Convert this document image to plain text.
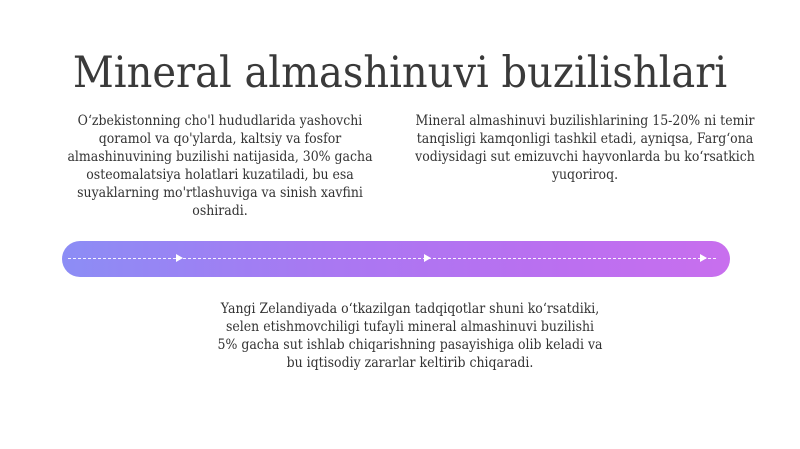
Mineral almashinuvi buzilishlari
O‘zbekistonning cho'l hududlarida yashovchi qoramol va qo'ylarda, kaltsiy va fosfor almashinuvining buzilishi natijasida, 30% gacha osteomalatsiya holatlari kuzatiladi, bu esa suyaklarning mo'rtlashuviga va sinish xavfini oshiradi.
Mineral almashinuvi buzilishlarining 15-20% ni temir tanqisligi kamqonligi tashkil etadi, ayniqsa, Farg‘ona vodiysidagi sut emizuvchi hayvonlarda bu ko‘rsatkich yuqoriroq.
Yangi Zelandiyada o‘tkazilgan tadqiqotlar shuni ko‘rsatdiki, selen etishmovchiligi tufayli mineral almashinuvi buzilishi 5% gacha sut ishlab chiqarishning pasayishiga olib keladi va bu iqtisodiy zararlar keltirib chiqaradi.
